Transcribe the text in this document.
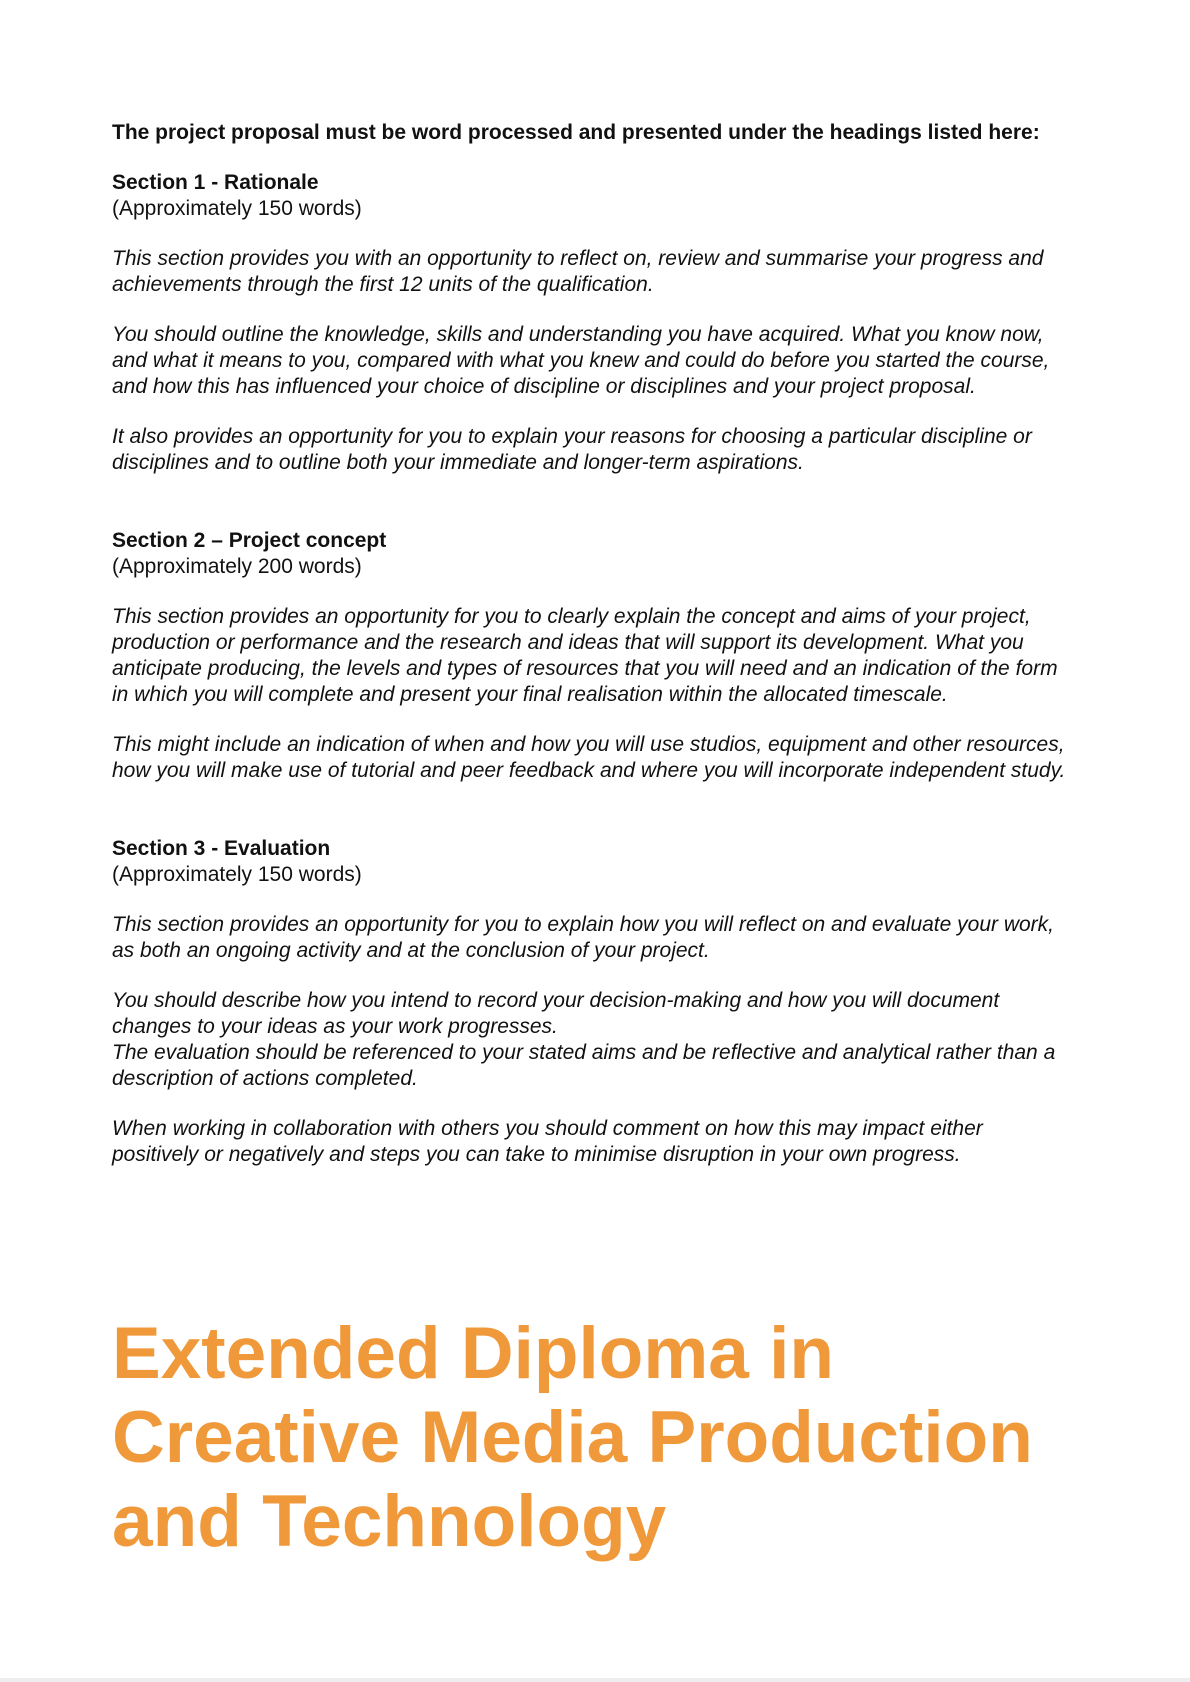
The project proposal must be word processed and presented under the headings listed here:

Section 1 - Rationale

(Approximately 150 words)

This section provides you with an opportunity to reflect on, review and summarise your progress and achievements through the first 12 units of the qualification.

You should outline the knowledge, skills and understanding you have acquired. What you know now, and what it means to you, compared with what you knew and could do before you started the course, and how this has influenced your choice of discipline or disciplines and your project proposal.

It also provides an opportunity for you to explain your reasons for choosing a particular discipline or disciplines and to outline both your immediate and longer-term aspirations.

Section 2 – Project concept

(Approximately 200 words)

This section provides an opportunity for you to clearly explain the concept and aims of your project, production or performance and the research and ideas that will support its development. What you anticipate producing, the levels and types of resources that you will need and an indication of the form in which you will complete and present your final realisation within the allocated timescale.

This might include an indication of when and how you will use studios, equipment and other resources, how you will make use of tutorial and peer feedback and where you will incorporate independent study.

Section 3 - Evaluation

(Approximately 150 words)

This section provides an opportunity for you to explain how you will reflect on and evaluate your work, as both an ongoing activity and at the conclusion of your project.

You should describe how you intend to record your decision-making and how you will document changes to your ideas as your work progresses.
The evaluation should be referenced to your stated aims and be reflective and analytical rather than a description of actions completed.

When working in collaboration with others you should comment on how this may impact either positively or negatively and steps you can take to minimise disruption in your own progress.

Extended Diploma in
Creative Media Production
and Technology
